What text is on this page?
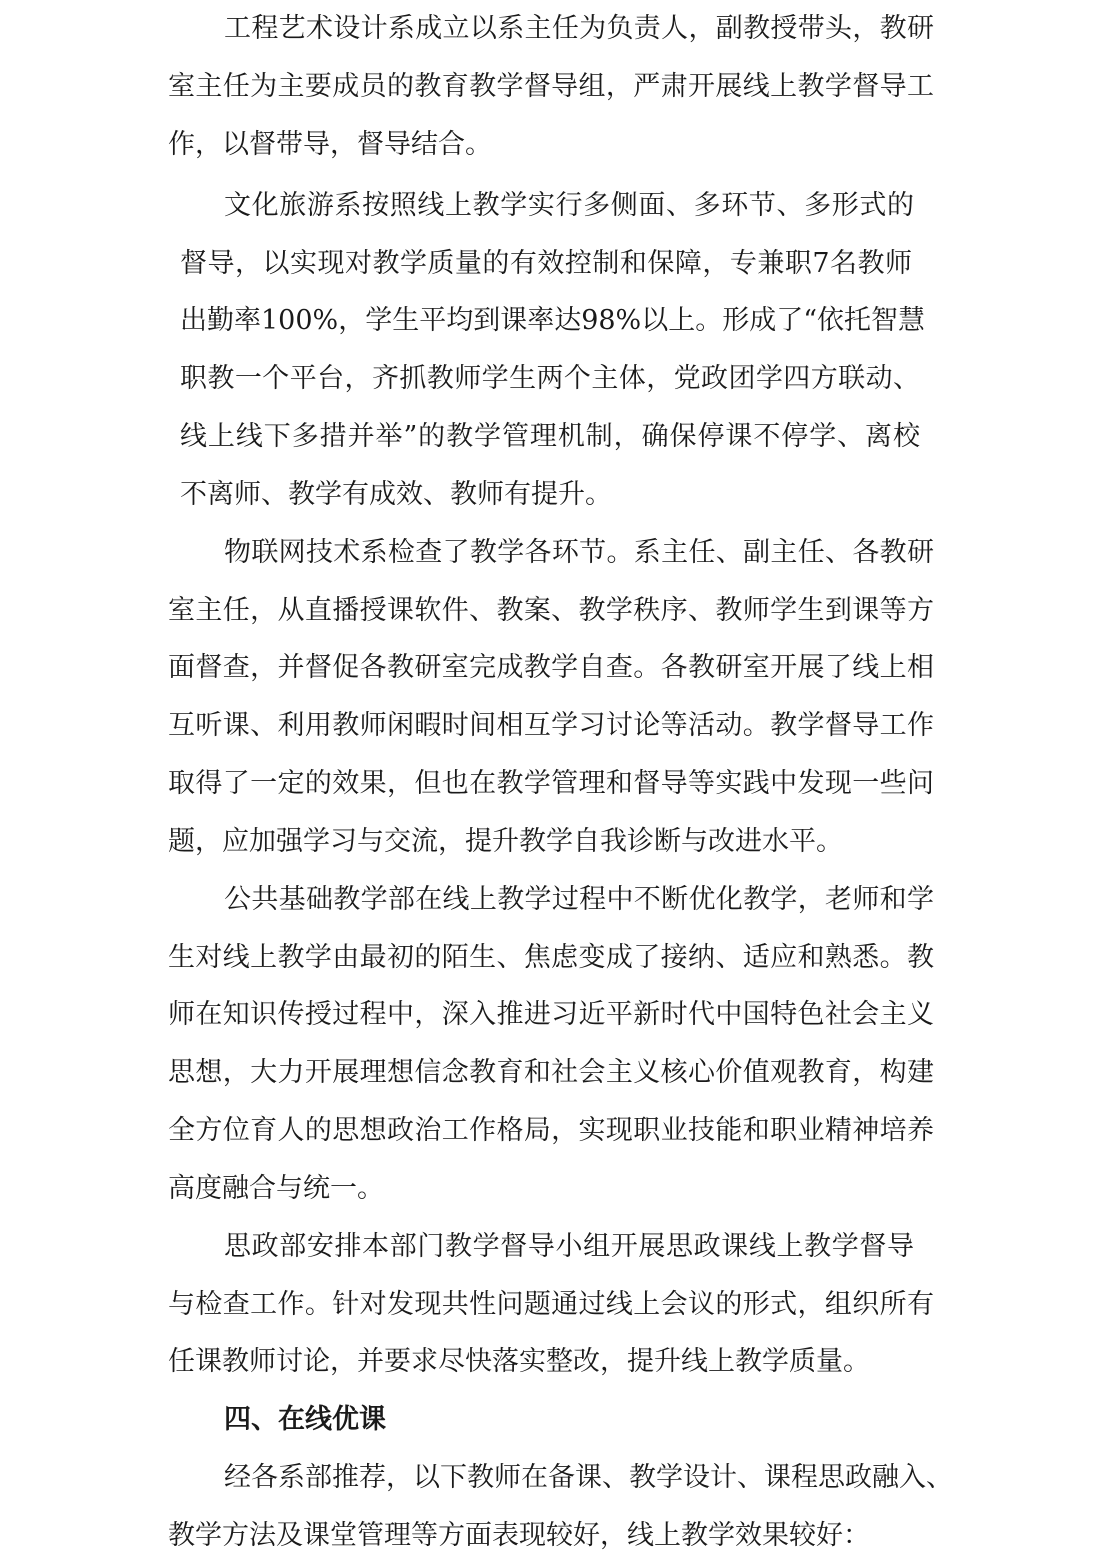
工程艺术设计系成立以系主任为负责人，副教授带头，教研
室主任为主要成员的教育教学督导组，严肃开展线上教学督导工
作，以督带导，督导结合。
文化旅游系按照线上教学实行多侧面、多环节、多形式的
督导，以实现对教学质量的有效控制和保障，专兼职7名教师
出勤率100%，学生平均到课率达98%以上。形成了“依托智慧
职教一个平台，齐抓教师学生两个主体，党政团学四方联动、
线上线下多措并举”的教学管理机制，确保停课不停学、离校
不离师、教学有成效、教师有提升。
物联网技术系检查了教学各环节。系主任、副主任、各教研
室主任，从直播授课软件、教案、教学秩序、教师学生到课等方
面督查，并督促各教研室完成教学自查。各教研室开展了线上相
互听课、利用教师闲暇时间相互学习讨论等活动。教学督导工作
取得了一定的效果，但也在教学管理和督导等实践中发现一些问
题，应加强学习与交流，提升教学自我诊断与改进水平。
公共基础教学部在线上教学过程中不断优化教学，老师和学
生对线上教学由最初的陌生、焦虑变成了接纳、适应和熟悉。教
师在知识传授过程中，深入推进习近平新时代中国特色社会主义
思想，大力开展理想信念教育和社会主义核心价值观教育，构建
全方位育人的思想政治工作格局，实现职业技能和职业精神培养
高度融合与统一。
思政部安排本部门教学督导小组开展思政课线上教学督导
与检查工作。针对发现共性问题通过线上会议的形式，组织所有
任课教师讨论，并要求尽快落实整改，提升线上教学质量。
四、在线优课
经各系部推荐，以下教师在备课、教学设计、课程思政融入、
教学方法及课堂管理等方面表现较好，线上教学效果较好：
